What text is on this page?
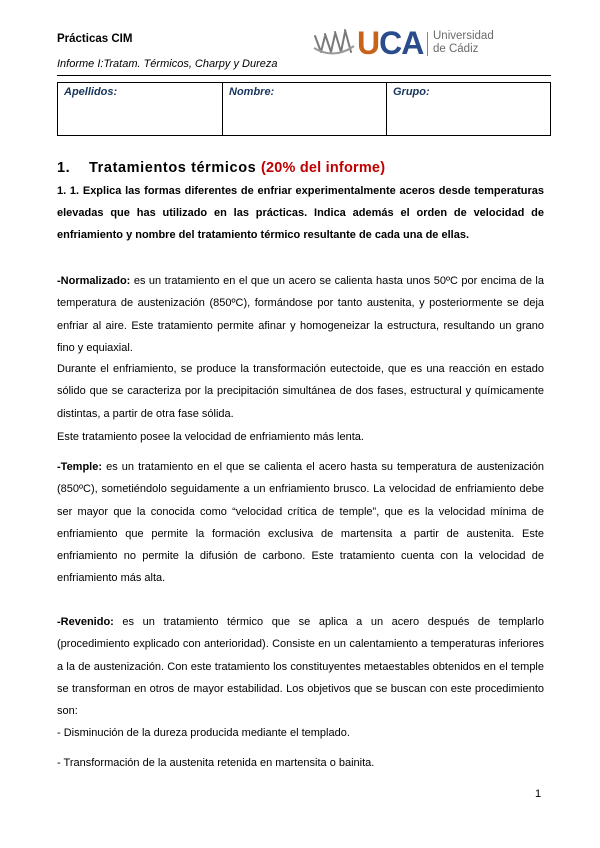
Prácticas CIM
Informe I:Tratam. Térmicos, Charpy y Dureza
UCA Universidad
de Cádiz
Apellidos:	Nombre:	Grupo:
1. Tratamientos térmicos (20% del informe)
1. 1. Explica las formas diferentes de enfriar experimentalmente aceros desde temperaturas elevadas que has utilizado en las prácticas. Indica además el orden de velocidad de enfriamiento y nombre del tratamiento térmico resultante de cada una de ellas.
-Normalizado: es un tratamiento en el que un acero se calienta hasta unos 50ºC por encima de la temperatura de austenización (850ºC), formándose por tanto austenita, y posteriormente se deja enfriar al aire. Este tratamiento permite afinar y homogeneizar la estructura, resultando un grano fino y equiaxial.
Durante el enfriamiento, se produce la transformación eutectoide, que es una reacción en estado sólido que se caracteriza por la precipitación simultánea de dos fases, estructural y químicamente distintas, a partir de otra fase sólida.
Este tratamiento posee la velocidad de enfriamiento más lenta.
-Temple: es un tratamiento en el que se calienta el acero hasta su temperatura de austenización (850ºC), sometiéndolo seguidamente a un enfriamiento brusco. La velocidad de enfriamiento debe ser mayor que la conocida como “velocidad crítica de temple”, que es la velocidad mínima de enfriamiento que permite la formación exclusiva de martensita a partir de austenita. Este enfriamiento no permite la difusión de carbono. Este tratamiento cuenta con la velocidad de enfriamiento más alta.
-Revenido: es un tratamiento térmico que se aplica a un acero después de templarlo (procedimiento explicado con anterioridad). Consiste en un calentamiento a temperaturas inferiores a la de austenización. Con este tratamiento los constituyentes metaestables obtenidos en el temple se transforman en otros de mayor estabilidad. Los objetivos que se buscan con este procedimiento son:
- Disminución de la dureza producida mediante el templado.
- Transformación de la austenita retenida en martensita o bainita.
1
